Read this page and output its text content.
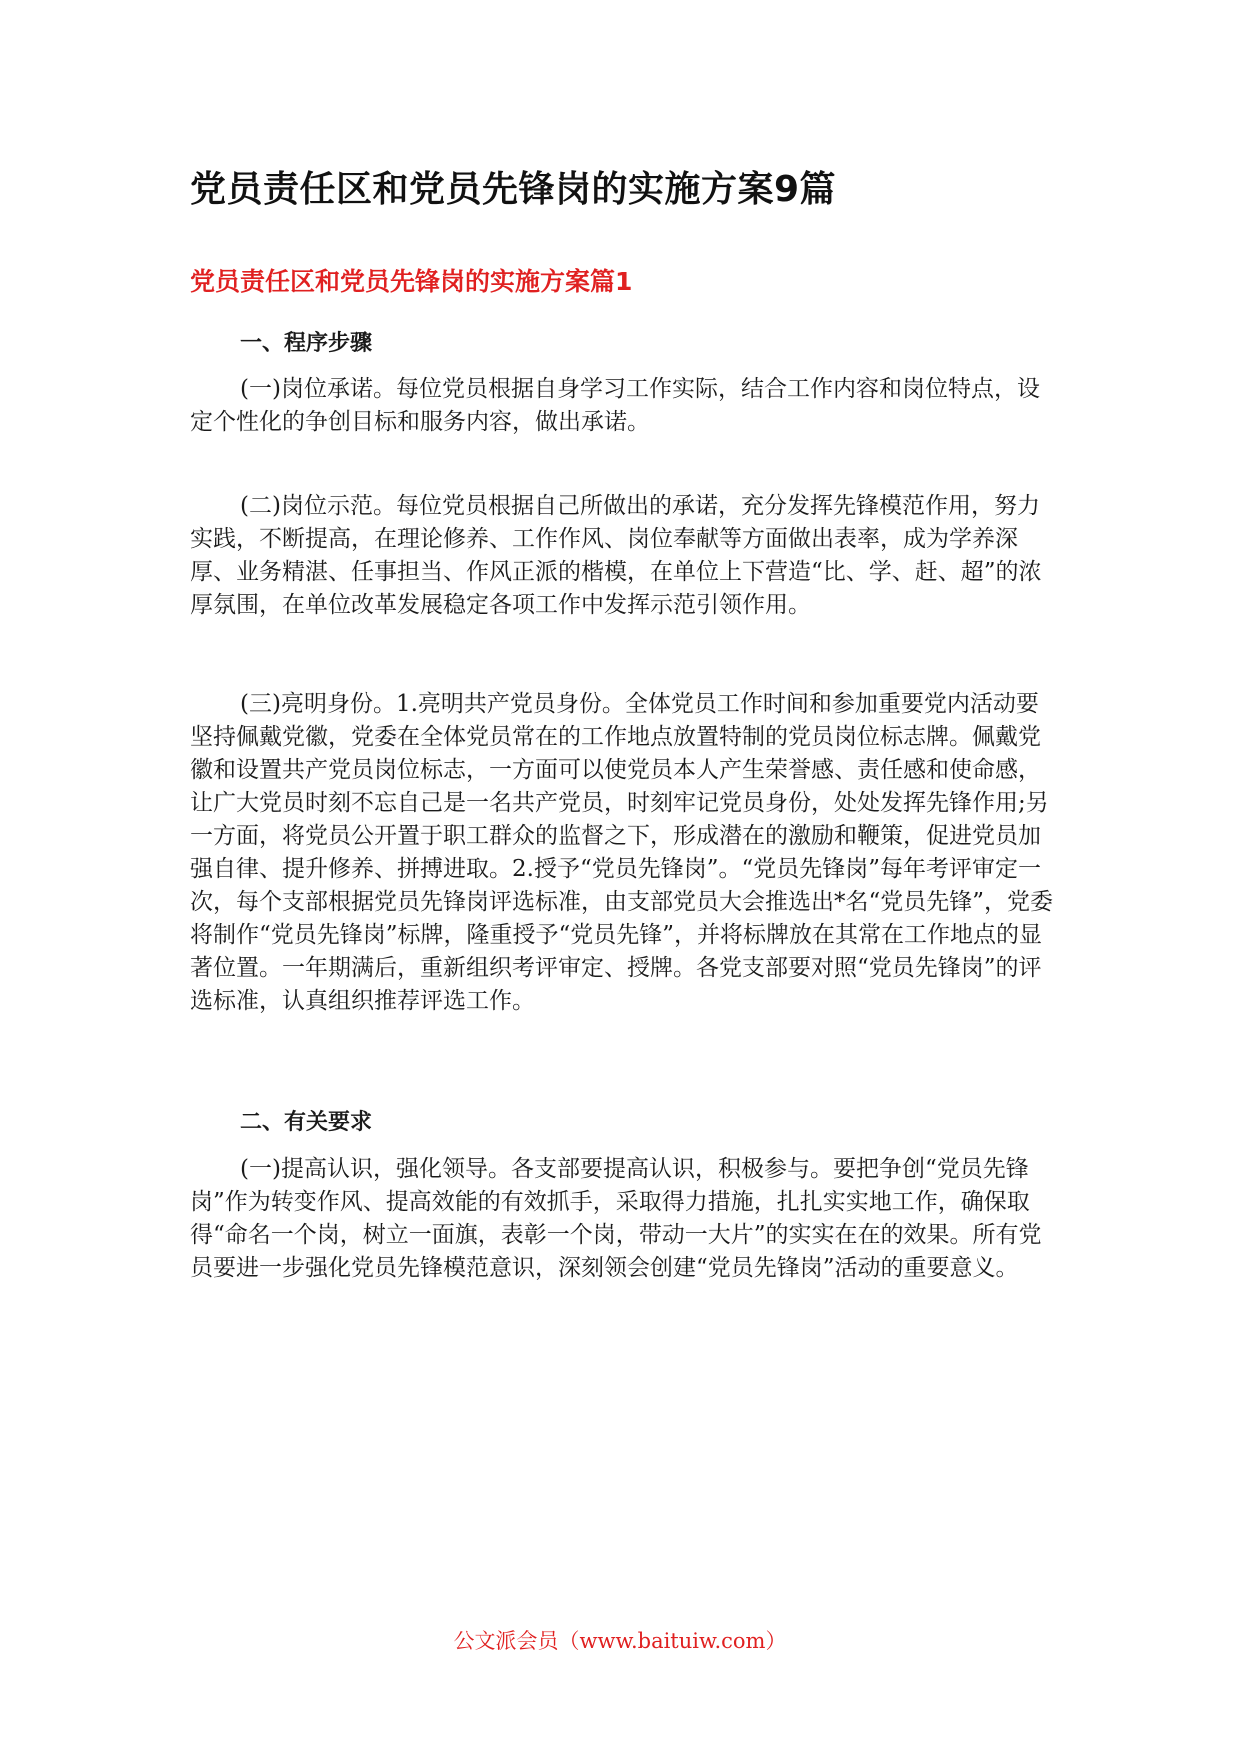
党员责任区和党员先锋岗的实施方案9篇
党员责任区和党员先锋岗的实施方案篇1
一、程序步骤

(一)岗位承诺。每位党员根据自身学习工作实际，结合工作内容和岗位特点，设定个性化的争创目标和服务内容，做出承诺。

(二)岗位示范。每位党员根据自己所做出的承诺，充分发挥先锋模范作用，努力实践，不断提高，在理论修养、工作作风、岗位奉献等方面做出表率，成为学养深厚、业务精湛、任事担当、作风正派的楷模，在单位上下营造“比、学、赶、超”的浓厚氛围，在单位改革发展稳定各项工作中发挥示范引领作用。

(三)亮明身份。1.亮明共产党员身份。全体党员工作时间和参加重要党内活动要坚持佩戴党徽，党委在全体党员常在的工作地点放置特制的党员岗位标志牌。佩戴党徽和设置共产党员岗位标志，一方面可以使党员本人产生荣誉感、责任感和使命感，让广大党员时刻不忘自己是一名共产党员，时刻牢记党员身份，处处发挥先锋作用;另一方面，将党员公开置于职工群众的监督之下，形成潜在的激励和鞭策，促进党员加强自律、提升修养、拼搏进取。2.授予“党员先锋岗”。“党员先锋岗”每年考评审定一次，每个支部根据党员先锋岗评选标准，由支部党员大会推选出*名“党员先锋”，党委将制作“党员先锋岗”标牌，隆重授予“党员先锋”，并将标牌放在其常在工作地点的显著位置。一年期满后，重新组织考评审定、授牌。各党支部要对照“党员先锋岗”的评选标准，认真组织推荐评选工作。

二、有关要求

(一)提高认识，强化领导。各支部要提高认识，积极参与。要把争创“党员先锋岗”作为转变作风、提高效能的有效抓手，采取得力措施，扎扎实实地工作，确保取得“命名一个岗，树立一面旗，表彰一个岗，带动一大片”的实实在在的效果。所有党员要进一步强化党员先锋模范意识，深刻领会创建“党员先锋岗”活动的重要意义。

公文派会员（www.baituiw.com）
